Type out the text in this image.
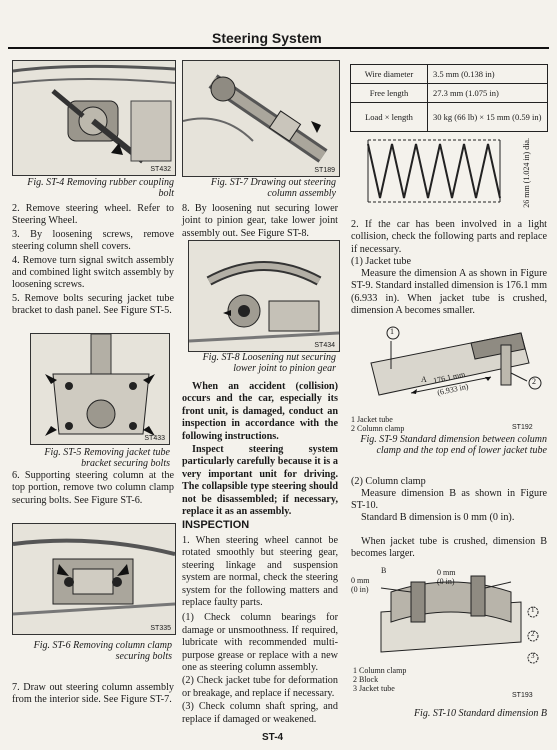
Steering System
ST432
Fig. ST-4 Removing rubber coupling bolt

2. Remove steering wheel. Refer to Steering Wheel.

3. By loosening screws, remove steering column shell covers.

4. Remove turn signal switch assembly and combined light switch assembly by loosening screws.

5. Remove bolts securing jacket tube bracket to dash panel. See Figure ST-5.

ST433
Fig. ST-5 Removing jacket tube bracket securing bolts
6. Supporting steering column at the top portion, remove two column clamp securing bolts. See Figure ST-6.
ST335
Fig. ST-6 Removing column clamp securing bolts
7. Draw out steering column assembly from the interior side. See Figure ST-7.
ST189
Fig. ST-7 Drawing out steering column assembly
8. By loosening nut securing lower joint to pinion gear, take lower joint assembly out. See Figure ST-8.
ST434
Fig. ST-8 Loosening nut securing lower joint to pinion gear

When an accident (collision) occurs and the car, especially its front unit, is damaged, conduct an inspection in accordance with the following instructions.

Inspect steering system particularly carefully because it is a very important unit for driving. The collapsible type steering should not be disassembled; if necessary, replace it as an assembly.

INSPECTION

1. When steering wheel cannot be rotated smoothly but steering gear, steering linkage and suspension system are normal, check the steering system for the following matters and replace faulty parts.

(1) Check column bearings for damage or unsmoothness. If required, lubricate with recommended multi-purpose grease or replace with a new one as steering column assembly.

(2) Check jacket tube for deformation or breakage, and replace if necessary.

(3) Check column shaft spring, and replace if damaged or weakened.

Wire diameter	3.5 mm (0.138 in)
Free length	27.3 mm (1.075 in)
Load × length	30 kg (66 lb) × 15 mm (0.59 in)
26 mm (1.024 in) dia.
2. If the car has been involved in a light collision, check the following parts and replace if necessary.
(1) Jacket tube
Measure the dimension A as shown in Figure ST-9. Standard installed dimension is 176.1 mm (6.933 in). When jacket tube is crushed, dimension A becomes smaller.
1
2
A 176.1 mm
(6.933 in)
1 Jacket tube
2 Column clamp	ST192
Fig. ST-9 Standard dimension between column clamp and the top end of lower jacket tube
(2) Column clamp
Measure dimension B as shown in Figure ST-10.
Standard B dimension is 0 mm (0 in).
When jacket tube is crushed, dimension B becomes larger.
0 mm
(0 in)
0 mm
(0 in)
B
1
2
3
1 Column clamp
2 Block
3 Jacket tube
ST193
Fig. ST-10 Standard dimension B
ST-4
